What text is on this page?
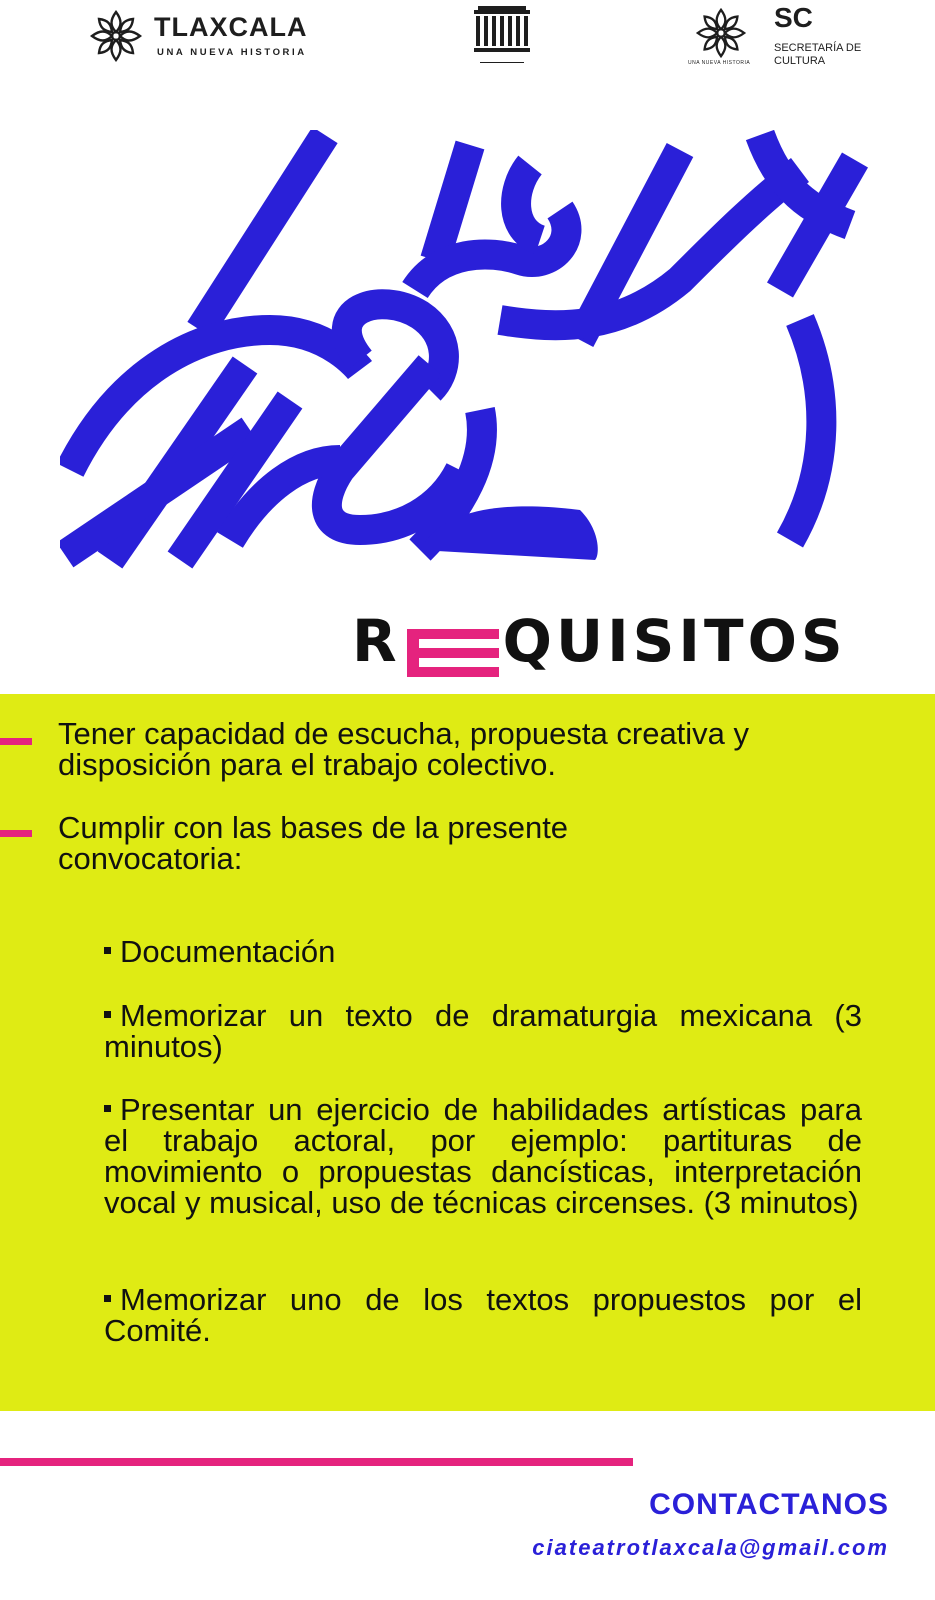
TLAXCALA
UNA NUEVA HISTORIA
SC
SECRETARÍA DE
CULTURA
UNA NUEVA HISTORIA
R QUISITOS

Tener capacidad de escucha, propuesta creativa y disposición para el trabajo colectivo.

Cumplir con las bases de la presente convocatoria:

Documentación
Memorizar un texto de dramaturgia mexicana (3 minutos)
Presentar un ejercicio de habilidades artísticas para el trabajo actoral, por ejemplo: partituras de movimiento o propuestas dancísticas, interpretación vocal y musical, uso de técnicas circenses. (3 minutos)
Memorizar uno de los textos propuestos por el Comité.
CONTACTANOS
ciateatrotlaxcala@gmail.com
